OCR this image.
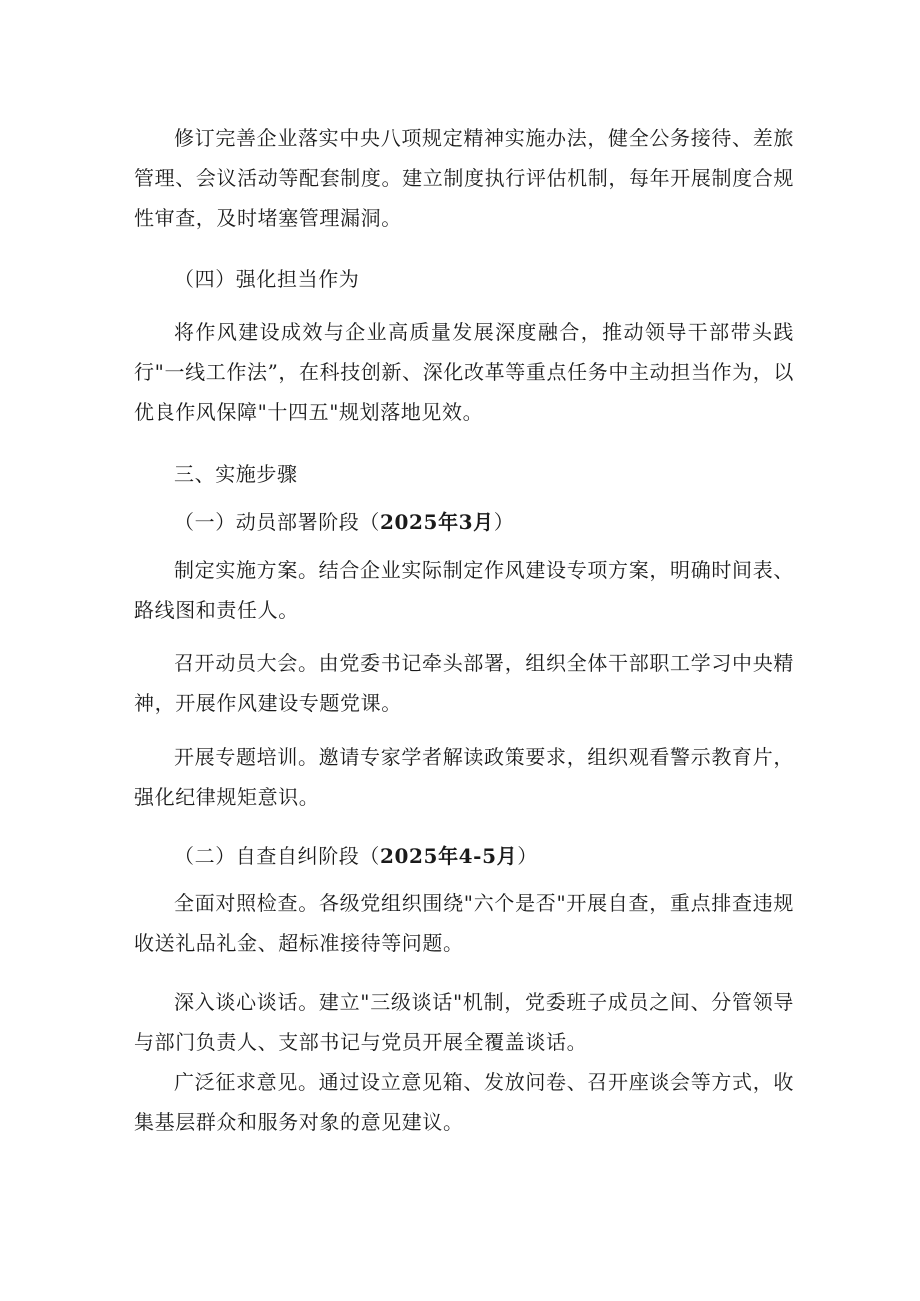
修订完善企业落实中央八项规定精神实施办法，健全公务接待、差旅管理、会议活动等配套制度。建立制度执行评估机制，每年开展制度合规性审查，及时堵塞管理漏洞。

（四）强化担当作为

将作风建设成效与企业高质量发展深度融合，推动领导干部带头践行"一线工作法”，在科技创新、深化改革等重点任务中主动担当作为，以优良作风保障"十四五"规划落地见效。

三、实施步骤

（一）动员部署阶段（2025年3月）

制定实施方案。结合企业实际制定作风建设专项方案，明确时间表、路线图和责任人。

召开动员大会。由党委书记牵头部署，组织全体干部职工学习中央精神，开展作风建设专题党课。

开展专题培训。邀请专家学者解读政策要求，组织观看警示教育片，强化纪律规矩意识。

（二）自查自纠阶段（2025年4-5月）

全面对照检查。各级党组织围绕"六个是否"开展自查，重点排查违规收送礼品礼金、超标准接待等问题。

深入谈心谈话。建立"三级谈话"机制，党委班子成员之间、分管领导与部门负责人、支部书记与党员开展全覆盖谈话。

广泛征求意见。通过设立意见箱、发放问卷、召开座谈会等方式，收集基层群众和服务对象的意见建议。
